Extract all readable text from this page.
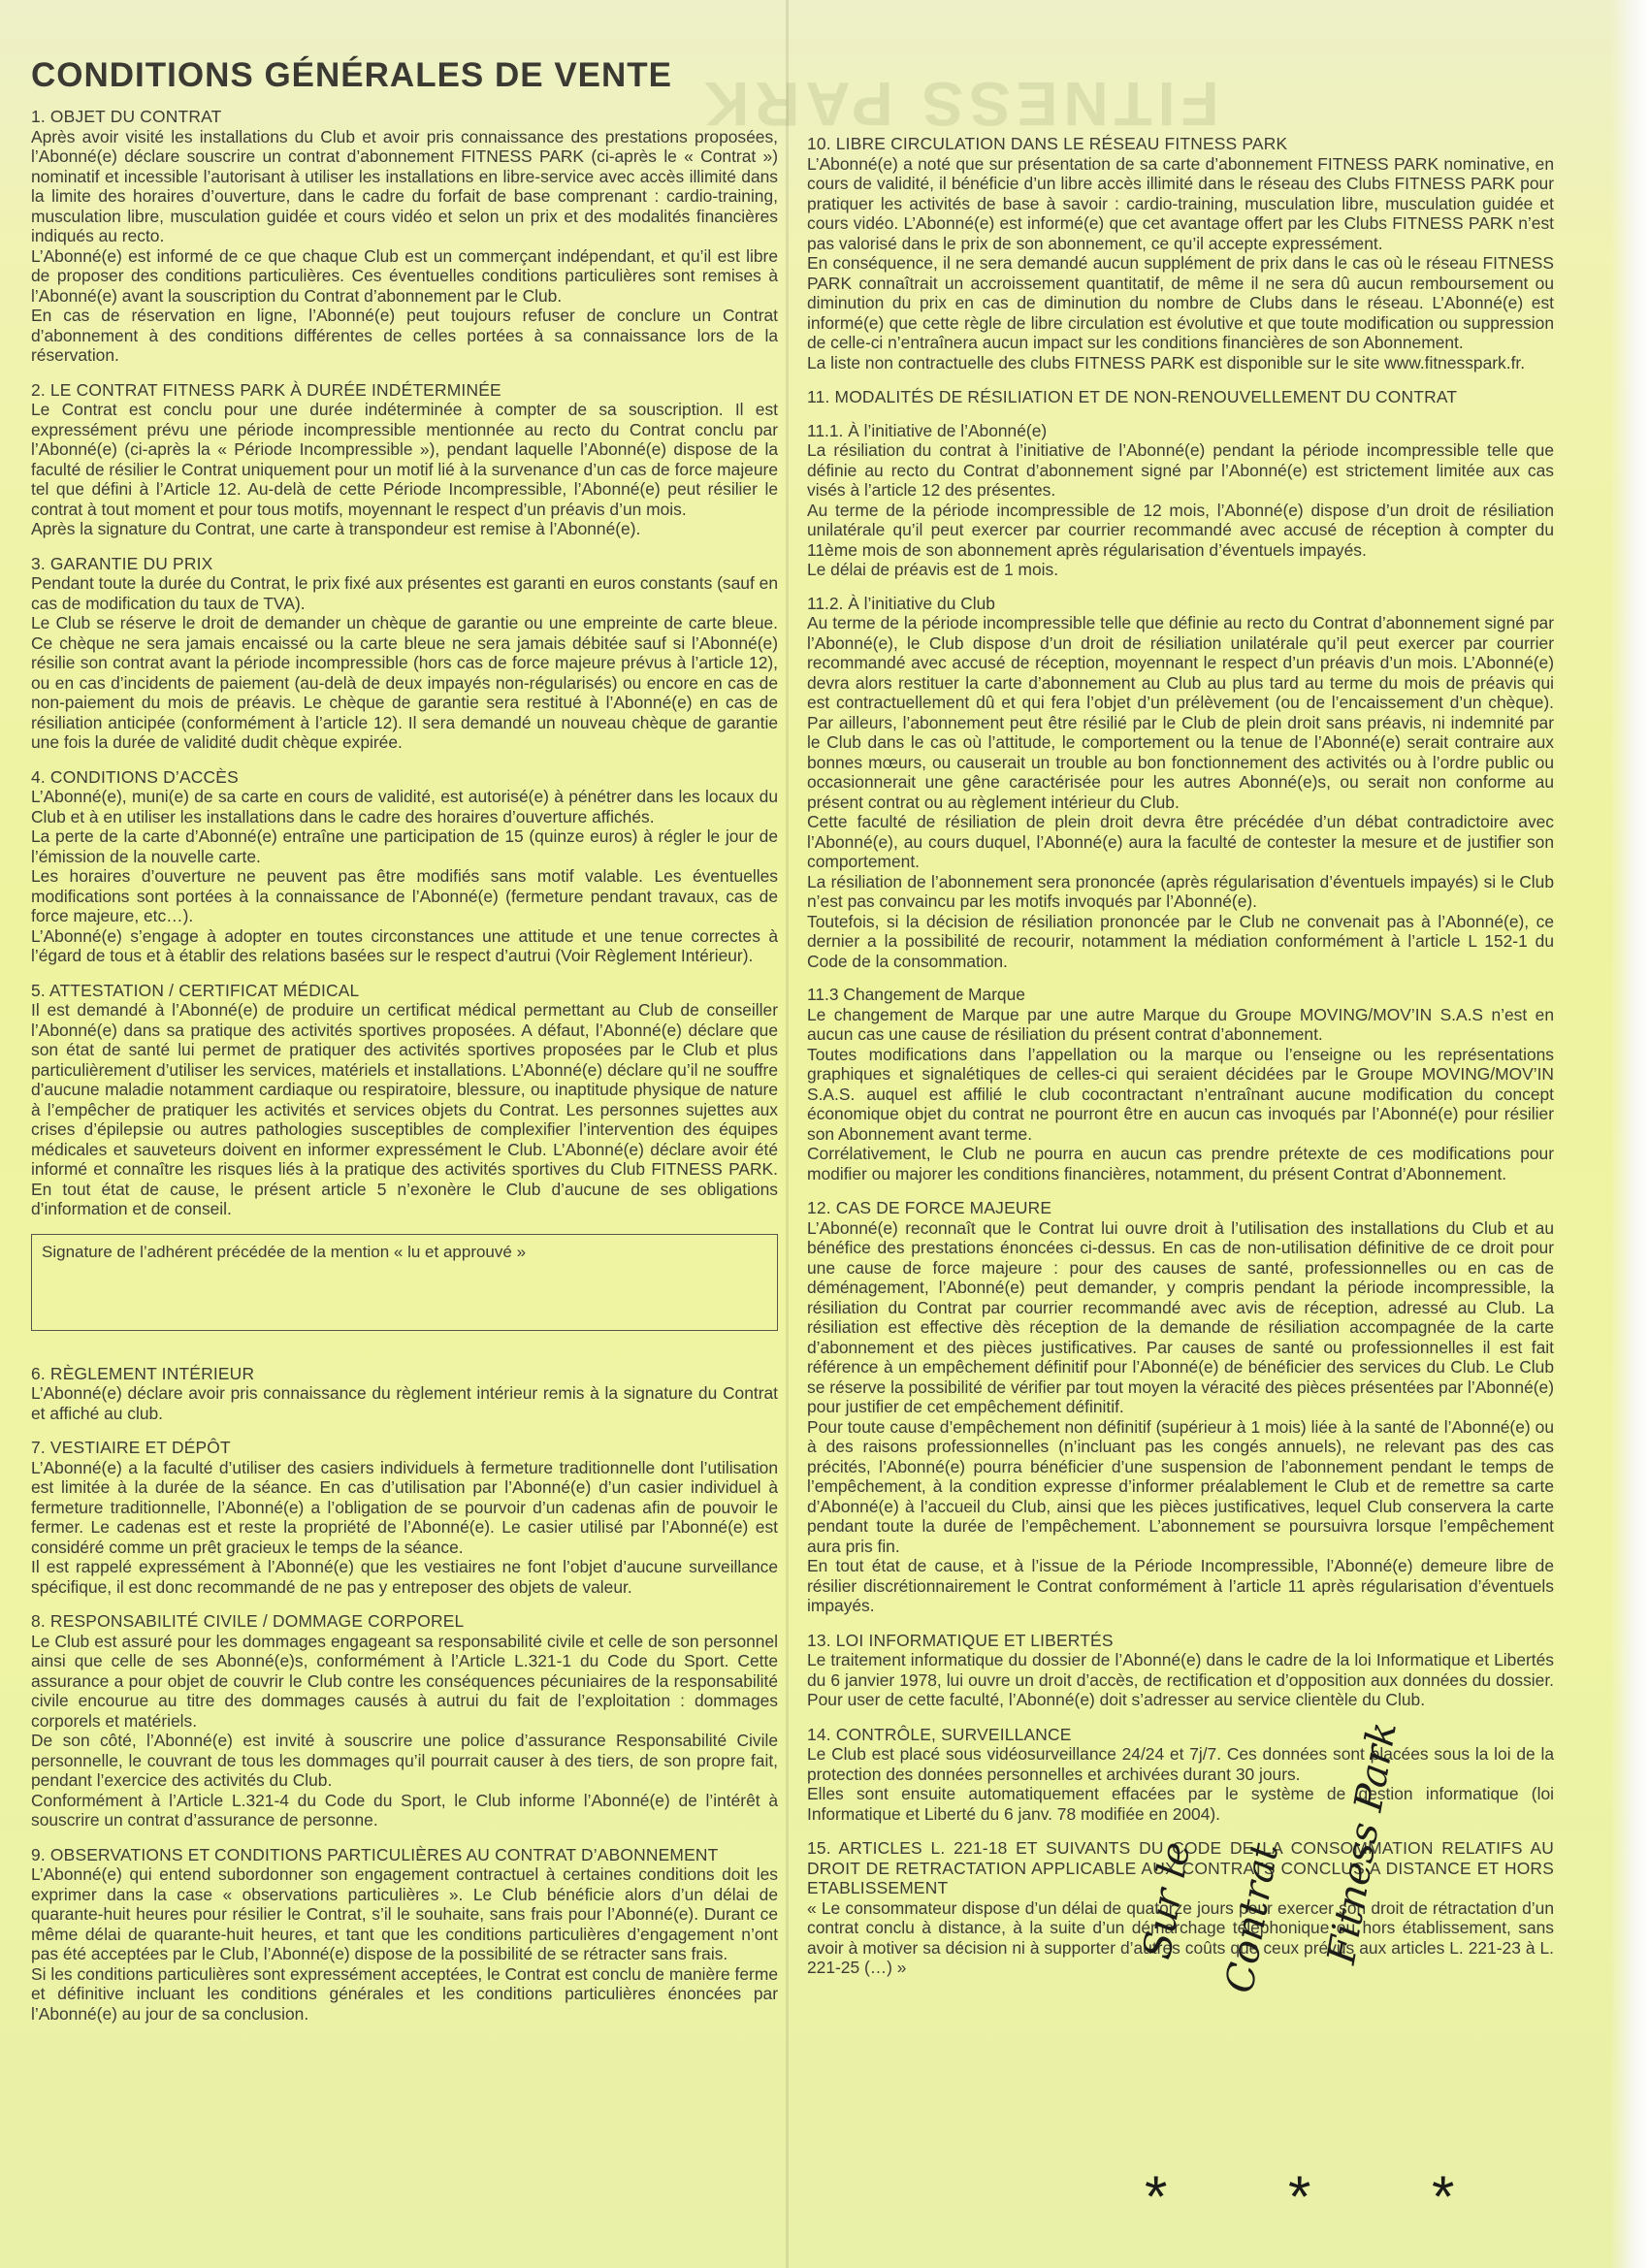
FITNESS PARK
CONDITIONS GÉNÉRALES DE VENTE
1. OBJET DU CONTRAT

Après avoir visité les installations du Club et avoir pris connaissance des prestations proposées, l’Abonné(e) déclare souscrire un contrat d’abonnement FITNESS PARK (ci-après le « Contrat ») nominatif et incessible l’autorisant à utiliser les installations en libre-service avec accès illimité dans la limite des horaires d’ouverture, dans le cadre du forfait de base comprenant : cardio-training, musculation libre, musculation guidée et cours vidéo et selon un prix et des modalités financières indiqués au recto.

L’Abonné(e) est informé de ce que chaque Club est un commerçant indépendant, et qu’il est libre de proposer des conditions particulières. Ces éventuelles conditions particulières sont remises à l’Abonné(e) avant la souscription du Contrat d’abonnement par le Club.

En cas de réservation en ligne, l’Abonné(e) peut toujours refuser de conclure un Contrat d’abonnement à des conditions différentes de celles portées à sa connaissance lors de la réservation.

2. LE CONTRAT FITNESS PARK À DURÉE INDÉTERMINÉE

Le Contrat est conclu pour une durée indéterminée à compter de sa souscription. Il est expressément prévu une période incompressible mentionnée au recto du Contrat conclu par l’Abonné(e) (ci-après la « Période Incompressible »), pendant laquelle l’Abonné(e) dispose de la faculté de résilier le Contrat uniquement pour un motif lié à la survenance d’un cas de force majeure tel que défini à l’Article 12. Au-delà de cette Période Incompressible, l’Abonné(e) peut résilier le contrat à tout moment et pour tous motifs, moyennant le respect d’un préavis d’un mois.

Après la signature du Contrat, une carte à transpondeur est remise à l’Abonné(e).

3. GARANTIE DU PRIX

Pendant toute la durée du Contrat, le prix fixé aux présentes est garanti en euros constants (sauf en cas de modification du taux de TVA).

Le Club se réserve le droit de demander un chèque de garantie ou une empreinte de carte bleue. Ce chèque ne sera jamais encaissé ou la carte bleue ne sera jamais débitée sauf si l’Abonné(e) résilie son contrat avant la période incompressible (hors cas de force majeure prévus à l’article 12), ou en cas d’incidents de paiement (au-delà de deux impayés non-régularisés) ou encore en cas de non-paiement du mois de préavis. Le chèque de garantie sera restitué à l’Abonné(e) en cas de résiliation anticipée (conformément à l’article 12). Il sera demandé un nouveau chèque de garantie une fois la durée de validité dudit chèque expirée.

4. CONDITIONS D’ACCÈS

L’Abonné(e), muni(e) de sa carte en cours de validité, est autorisé(e) à pénétrer dans les locaux du Club et à en utiliser les installations dans le cadre des horaires d’ouverture affichés.

La perte de la carte d’Abonné(e) entraîne une participation de 15 (quinze euros) à régler le jour de l’émission de la nouvelle carte.

Les horaires d’ouverture ne peuvent pas être modifiés sans motif valable. Les éventuelles modifications sont portées à la connaissance de l’Abonné(e) (fermeture pendant travaux, cas de force majeure, etc…).

L’Abonné(e) s’engage à adopter en toutes circonstances une attitude et une tenue correctes à l’égard de tous et à établir des relations basées sur le respect d’autrui (Voir Règlement Intérieur).

5. ATTESTATION / CERTIFICAT MÉDICAL

Il est demandé à l’Abonné(e) de produire un certificat médical permettant au Club de conseiller l’Abonné(e) dans sa pratique des activités sportives proposées. A défaut, l’Abonné(e) déclare que son état de santé lui permet de pratiquer des activités sportives proposées par le Club et plus particulièrement d’utiliser les services, matériels et installations. L’Abonné(e) déclare qu’il ne souffre d’aucune maladie notamment cardiaque ou respiratoire, blessure, ou inaptitude physique de nature à l’empêcher de pratiquer les activités et services objets du Contrat. Les personnes sujettes aux crises d’épilepsie ou autres pathologies susceptibles de complexifier l’intervention des équipes médicales et sauveteurs doivent en informer expressément le Club. L’Abonné(e) déclare avoir été informé et connaître les risques liés à la pratique des activités sportives du Club FITNESS PARK. En tout état de cause, le présent article 5 n’exonère le Club d’aucune de ses obligations d’information et de conseil.

Signature de l’adhérent précédée de la mention « lu et approuvé »
6. RÈGLEMENT INTÉRIEUR

L’Abonné(e) déclare avoir pris connaissance du règlement intérieur remis à la signature du Contrat et affiché au club.

7. VESTIAIRE ET DÉPÔT

L’Abonné(e) a la faculté d’utiliser des casiers individuels à fermeture traditionnelle dont l’utilisation est limitée à la durée de la séance. En cas d’utilisation par l’Abonné(e) d’un casier individuel à fermeture traditionnelle, l’Abonné(e) a l’obligation de se pourvoir d’un cadenas afin de pouvoir le fermer. Le cadenas est et reste la propriété de l’Abonné(e). Le casier utilisé par l’Abonné(e) est considéré comme un prêt gracieux le temps de la séance.

Il est rappelé expressément à l’Abonné(e) que les vestiaires ne font l’objet d’aucune surveillance spécifique, il est donc recommandé de ne pas y entreposer des objets de valeur.

8. RESPONSABILITÉ CIVILE / DOMMAGE CORPOREL

Le Club est assuré pour les dommages engageant sa responsabilité civile et celle de son personnel ainsi que celle de ses Abonné(e)s, conformément à l’Article L.321-1 du Code du Sport. Cette assurance a pour objet de couvrir le Club contre les conséquences pécuniaires de la responsabilité civile encourue au titre des dommages causés à autrui du fait de l’exploitation : dommages corporels et matériels.

De son côté, l’Abonné(e) est invité à souscrire une police d’assurance Responsabilité Civile personnelle, le couvrant de tous les dommages qu’il pourrait causer à des tiers, de son propre fait, pendant l’exercice des activités du Club.

Conformément à l’Article L.321-4 du Code du Sport, le Club informe l’Abonné(e) de l’intérêt à souscrire un contrat d’assurance de personne.

9. OBSERVATIONS ET CONDITIONS PARTICULIÈRES AU CONTRAT D’ABONNEMENT

L’Abonné(e) qui entend subordonner son engagement contractuel à certaines conditions doit les exprimer dans la case « observations particulières ». Le Club bénéficie alors d’un délai de quarante-huit heures pour résilier le Contrat, s’il le souhaite, sans frais pour l’Abonné(e). Durant ce même délai de quarante-huit heures, et tant que les conditions particulières d’engagement n’ont pas été acceptées par le Club, l’Abonné(e) dispose de la possibilité de se rétracter sans frais.

Si les conditions particulières sont expressément acceptées, le Contrat est conclu de manière ferme et définitive incluant les conditions générales et les conditions particulières énoncées par l’Abonné(e) au jour de sa conclusion.

10. LIBRE CIRCULATION DANS LE RÉSEAU FITNESS PARK

L’Abonné(e) a noté que sur présentation de sa carte d’abonnement FITNESS PARK nominative, en cours de validité, il bénéficie d’un libre accès illimité dans le réseau des Clubs FITNESS PARK pour pratiquer les activités de base à savoir : cardio-training, musculation libre, musculation guidée et cours vidéo. L’Abonné(e) est informé(e) que cet avantage offert par les Clubs FITNESS PARK n’est pas valorisé dans le prix de son abonnement, ce qu’il accepte expressément.

En conséquence, il ne sera demandé aucun supplément de prix dans le cas où le réseau FITNESS PARK connaîtrait un accroissement quantitatif, de même il ne sera dû aucun remboursement ou diminution du prix en cas de diminution du nombre de Clubs dans le réseau. L’Abonné(e) est informé(e) que cette règle de libre circulation est évolutive et que toute modification ou suppression de celle-ci n’entraînera aucun impact sur les conditions financières de son Abonnement.

La liste non contractuelle des clubs FITNESS PARK est disponible sur le site www.fitnesspark.fr.

11. MODALITÉS DE RÉSILIATION ET DE NON-RENOUVELLEMENT DU CONTRAT
11.1. À l’initiative de l’Abonné(e)

La résiliation du contrat à l’initiative de l’Abonné(e) pendant la période incompressible telle que définie au recto du Contrat d’abonnement signé par l’Abonné(e) est strictement limitée aux cas visés à l’article 12 des présentes.

Au terme de la période incompressible de 12 mois, l’Abonné(e) dispose d’un droit de résiliation unilatérale qu’il peut exercer par courrier recommandé avec accusé de réception à compter du 11ème mois de son abonnement après régularisation d’éventuels impayés.

Le délai de préavis est de 1 mois.

11.2. À l’initiative du Club

Au terme de la période incompressible telle que définie au recto du Contrat d’abonnement signé par l’Abonné(e), le Club dispose d’un droit de résiliation unilatérale qu’il peut exercer par courrier recommandé avec accusé de réception, moyennant le respect d’un préavis d’un mois. L’Abonné(e) devra alors restituer la carte d’abonnement au Club au plus tard au terme du mois de préavis qui est contractuellement dû et qui fera l’objet d’un prélèvement (ou de l’encaissement d’un chèque). Par ailleurs, l’abonnement peut être résilié par le Club de plein droit sans préavis, ni indemnité par le Club dans le cas où l’attitude, le comportement ou la tenue de l’Abonné(e) serait contraire aux bonnes mœurs, ou causerait un trouble au bon fonctionnement des activités ou à l’ordre public ou occasionnerait une gêne caractérisée pour les autres Abonné(e)s, ou serait non conforme au présent contrat ou au règlement intérieur du Club.

Cette faculté de résiliation de plein droit devra être précédée d’un débat contradictoire avec l’Abonné(e), au cours duquel, l’Abonné(e) aura la faculté de contester la mesure et de justifier son comportement.

La résiliation de l’abonnement sera prononcée (après régularisation d’éventuels impayés) si le Club n’est pas convaincu par les motifs invoqués par l’Abonné(e).

Toutefois, si la décision de résiliation prononcée par le Club ne convenait pas à l’Abonné(e), ce dernier a la possibilité de recourir, notamment la médiation conformément à l’article L 152-1 du Code de la consommation.

11.3 Changement de Marque

Le changement de Marque par une autre Marque du Groupe MOVING/MOV’IN S.A.S n’est en aucun cas une cause de résiliation du présent contrat d’abonnement.

Toutes modifications dans l’appellation ou la marque ou l’enseigne ou les représentations graphiques et signalétiques de celles-ci qui seraient décidées par le Groupe MOVING/MOV’IN S.A.S. auquel est affilié le club cocontractant n’entraînant aucune modification du concept économique objet du contrat ne pourront être en aucun cas invoqués par l’Abonné(e) pour résilier son Abonnement avant terme.

Corrélativement, le Club ne pourra en aucun cas prendre prétexte de ces modifications pour modifier ou majorer les conditions financières, notamment, du présent Contrat d’Abonnement.

12. CAS DE FORCE MAJEURE

L’Abonné(e) reconnaît que le Contrat lui ouvre droit à l’utilisation des installations du Club et au bénéfice des prestations énoncées ci-dessus. En cas de non-utilisation définitive de ce droit pour une cause de force majeure : pour des causes de santé, professionnelles ou en cas de déménagement, l’Abonné(e) peut demander, y compris pendant la période incompressible, la résiliation du Contrat par courrier recommandé avec avis de réception, adressé au Club. La résiliation est effective dès réception de la demande de résiliation accompagnée de la carte d’abonnement et des pièces justificatives. Par causes de santé ou professionnelles il est fait référence à un empêchement définitif pour l’Abonné(e) de bénéficier des services du Club. Le Club se réserve la possibilité de vérifier par tout moyen la véracité des pièces présentées par l’Abonné(e) pour justifier de cet empêchement définitif.

Pour toute cause d’empêchement non définitif (supérieur à 1 mois) liée à la santé de l’Abonné(e) ou à des raisons professionnelles (n’incluant pas les congés annuels), ne relevant pas des cas précités, l’Abonné(e) pourra bénéficier d’une suspension de l’abonnement pendant le temps de l’empêchement, à la condition expresse d’informer préalablement le Club et de remettre sa carte d’Abonné(e) à l’accueil du Club, ainsi que les pièces justificatives, lequel Club conservera la carte pendant toute la durée de l’empêchement. L’abonnement se poursuivra lorsque l’empêchement aura pris fin.

En tout état de cause, et à l’issue de la Période Incompressible, l’Abonné(e) demeure libre de résilier discrétionnairement le Contrat conformément à l’article 11 après régularisation d’éventuels impayés.

13. LOI INFORMATIQUE ET LIBERTÉS

Le traitement informatique du dossier de l’Abonné(e) dans le cadre de la loi Informatique et Libertés du 6 janvier 1978, lui ouvre un droit d’accès, de rectification et d’opposition aux données du dossier. Pour user de cette faculté, l’Abonné(e) doit s’adresser au service clientèle du Club.

14. CONTRÔLE, SURVEILLANCE

Le Club est placé sous vidéosurveillance 24/24 et 7j/7. Ces données sont placées sous la loi de la protection des données personnelles et archivées durant 30 jours.

Elles sont ensuite automatiquement effacées par le système de gestion informatique (loi Informatique et Liberté du 6 janv. 78 modifiée en 2004).

15. ARTICLES L. 221-18 ET SUIVANTS DU CODE DE LA CONSOMMATION RELATIFS AU DROIT DE RETRACTATION APPLICABLE AUX CONTRATS CONCLUS A DISTANCE ET HORS ETABLISSEMENT

« Le consommateur dispose d’un délai de quatorze jours pour exercer son droit de rétractation d’un contrat conclu à distance, à la suite d’un démarchage téléphonique ou hors établissement, sans avoir à motiver sa décision ni à supporter d’autres coûts que ceux prévus aux articles L. 221-23 à L. 221-25 (…) »

Sur le Contrat Fitness Park
* * *
